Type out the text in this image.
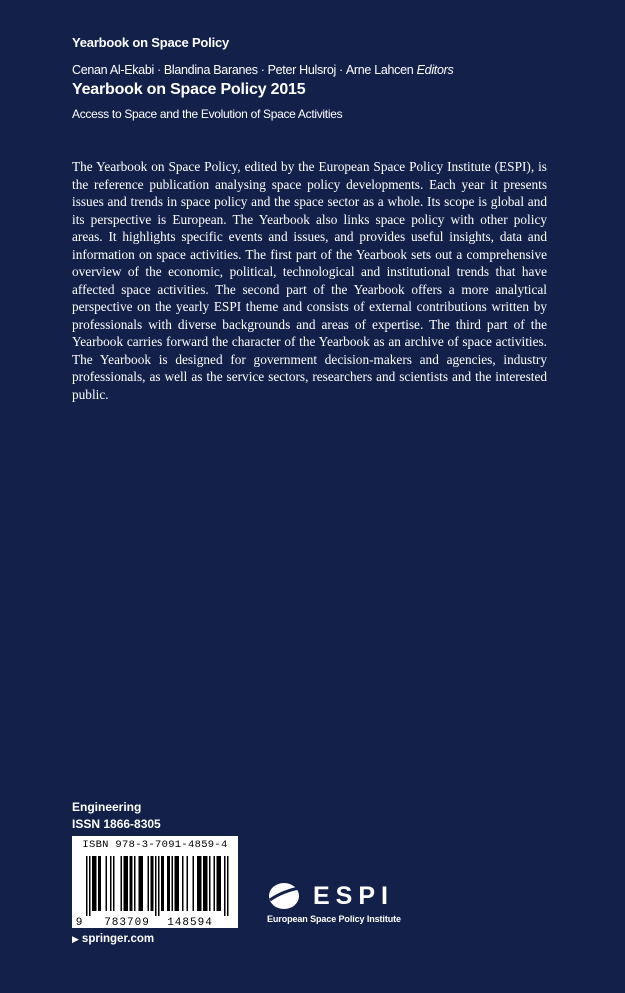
Yearbook on Space Policy
Cenan Al-Ekabi · Blandina Baranes · Peter Hulsroj · Arne Lahcen Editors
Yearbook on Space Policy 2015
Access to Space and the Evolution of Space Activities

The Yearbook on Space Policy, edited by the European Space Policy Institute (ESPI), is the reference publication analysing space policy developments. Each year it presents issues and trends in space policy and the space sector as a whole. Its scope is global and its perspective is European. The Yearbook also links space policy with other policy areas. It highlights specific events and issues, and provides useful insights, data and information on space activities. The first part of the Yearbook sets out a comprehensive overview of the economic, political, technological and institutional trends that have affected space activities. The second part of the Yearbook offers a more analytical perspective on the yearly ESPI theme and consists of external contributions written by professionals with diverse backgrounds and areas of expertise. The third part of the Yearbook carries forward the character of the Yearbook as an archive of space activities. The Yearbook is designed for government decision-makers and agencies, industry professionals, as well as the service sectors, researchers and scientists and the interested public.

Engineering
ISSN 1866-8305
ISBN 978-3-7091-4859-4
9 783709 148594
▶ springer.com
ESPI
European Space Policy Institute
